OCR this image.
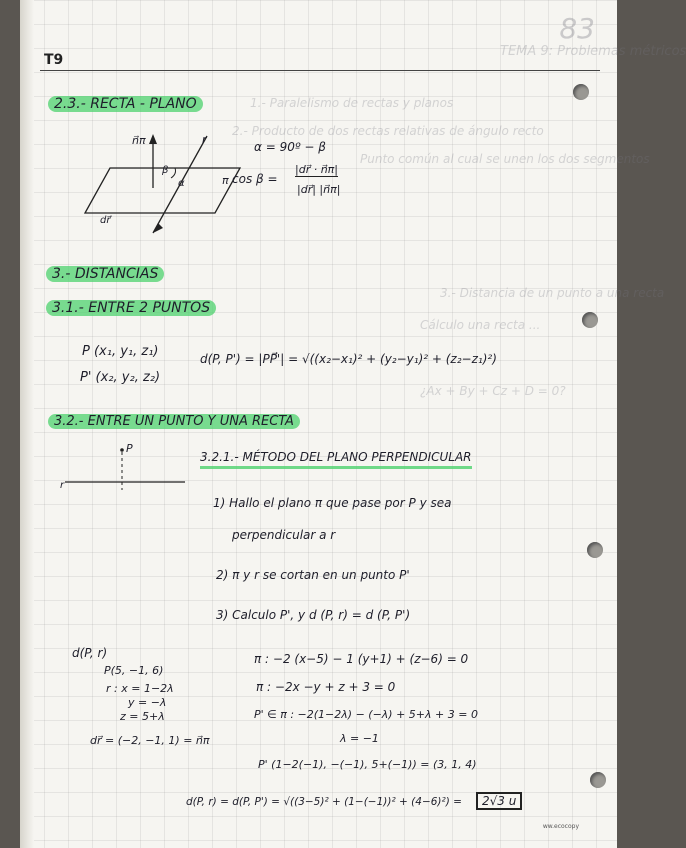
83
TEMA 9: Problemas métricos
1.- Paralelismo de rectas y planos
2.- Producto de dos rectas relativas de ángulo recto
Punto común al cual se unen los dos segmentos
3.- Distancia de un punto a una recta
Cálculo una recta ...
¿Ax + By + Cz + D = 0?
T9
2.3.- RECTA - PLANO
n⃗π	r
π
β
α
dr⃗
α = 90º − β
cos β =
|dr⃗ · n⃗π|
|dr⃗| |n⃗π|
3.- DISTANCIAS
3.1.- ENTRE 2 PUNTOS
P (x₁, y₁, z₁)
P' (x₂, y₂, z₂)
d(P, P') = |PP⃗'| = √((x₂−x₁)² + (y₂−y₁)² + (z₂−z₁)²)
3.2.- ENTRE UN PUNTO Y UNA RECTA
P
r
3.2.1.- MÉTODO DEL PLANO PERPENDICULAR
1) Hallo el plano π que pase por P y sea
perpendicular a r
2) π y r se cortan en un punto P'
3) Calculo P', y d (P, r) = d (P, P')
d(P, r)
P(5, −1, 6)
r : x = 1−2λ
y = −λ
z = 5+λ
dr⃗ = (−2, −1, 1) = n⃗π
π : −2 (x−5) − 1 (y+1) + (z−6) = 0
π : −2x −y + z + 3 = 0
P' ∈ π : −2(1−2λ) − (−λ) + 5+λ + 3 = 0
λ = −1
P' (1−2(−1), −(−1), 5+(−1)) = (3, 1, 4)
d(P, r) = d(P, P') = √((3−5)² + (1−(−1))² + (4−6)²) =	2√3 u
ww.ecocopy
